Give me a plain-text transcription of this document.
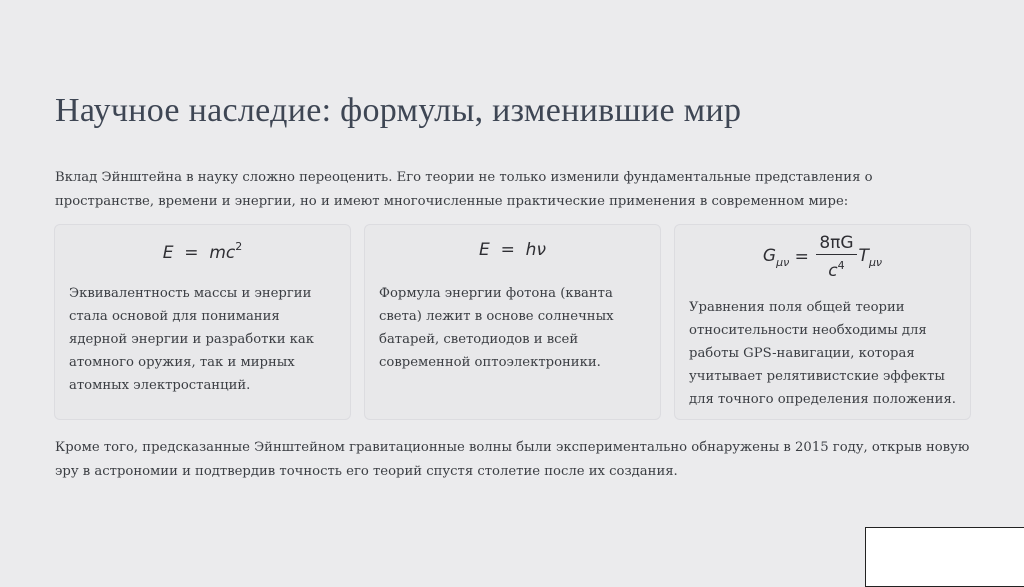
Научное наследие: формулы, изменившие мир
Вклад Эйнштейна в науку сложно переоценить. Его теории не только изменили фундаментальные представления о пространстве, времени и энергии, но и имеют многочисленные практические применения в современном мире:
$E = mc^2$
Эквивалентность массы и энергии стала основой для понимания ядерной энергии и разработки как атомного оружия, так и мирных атомных электростанций.
E = hν
Формула энергии фотона (кванта света) лежит в основе солнечных батарей, светодиодов и всей современной оптоэлектроники.
$G_{\mu\nu}$
=
$\frac{8\pi G}{c^4} T_{\mu\nu}$
Уравнения поля общей теории относительности необходимы для работы GPS-навигации, которая учитывает релятивистские эффекты для точного определения положения.
Кроме того, предсказанные Эйнштейном гравитационные волны были экспериментально обнаружены в 2015 году, открыв новую эру в астрономии и подтвердив точность его теорий спустя столетие после их создания.
